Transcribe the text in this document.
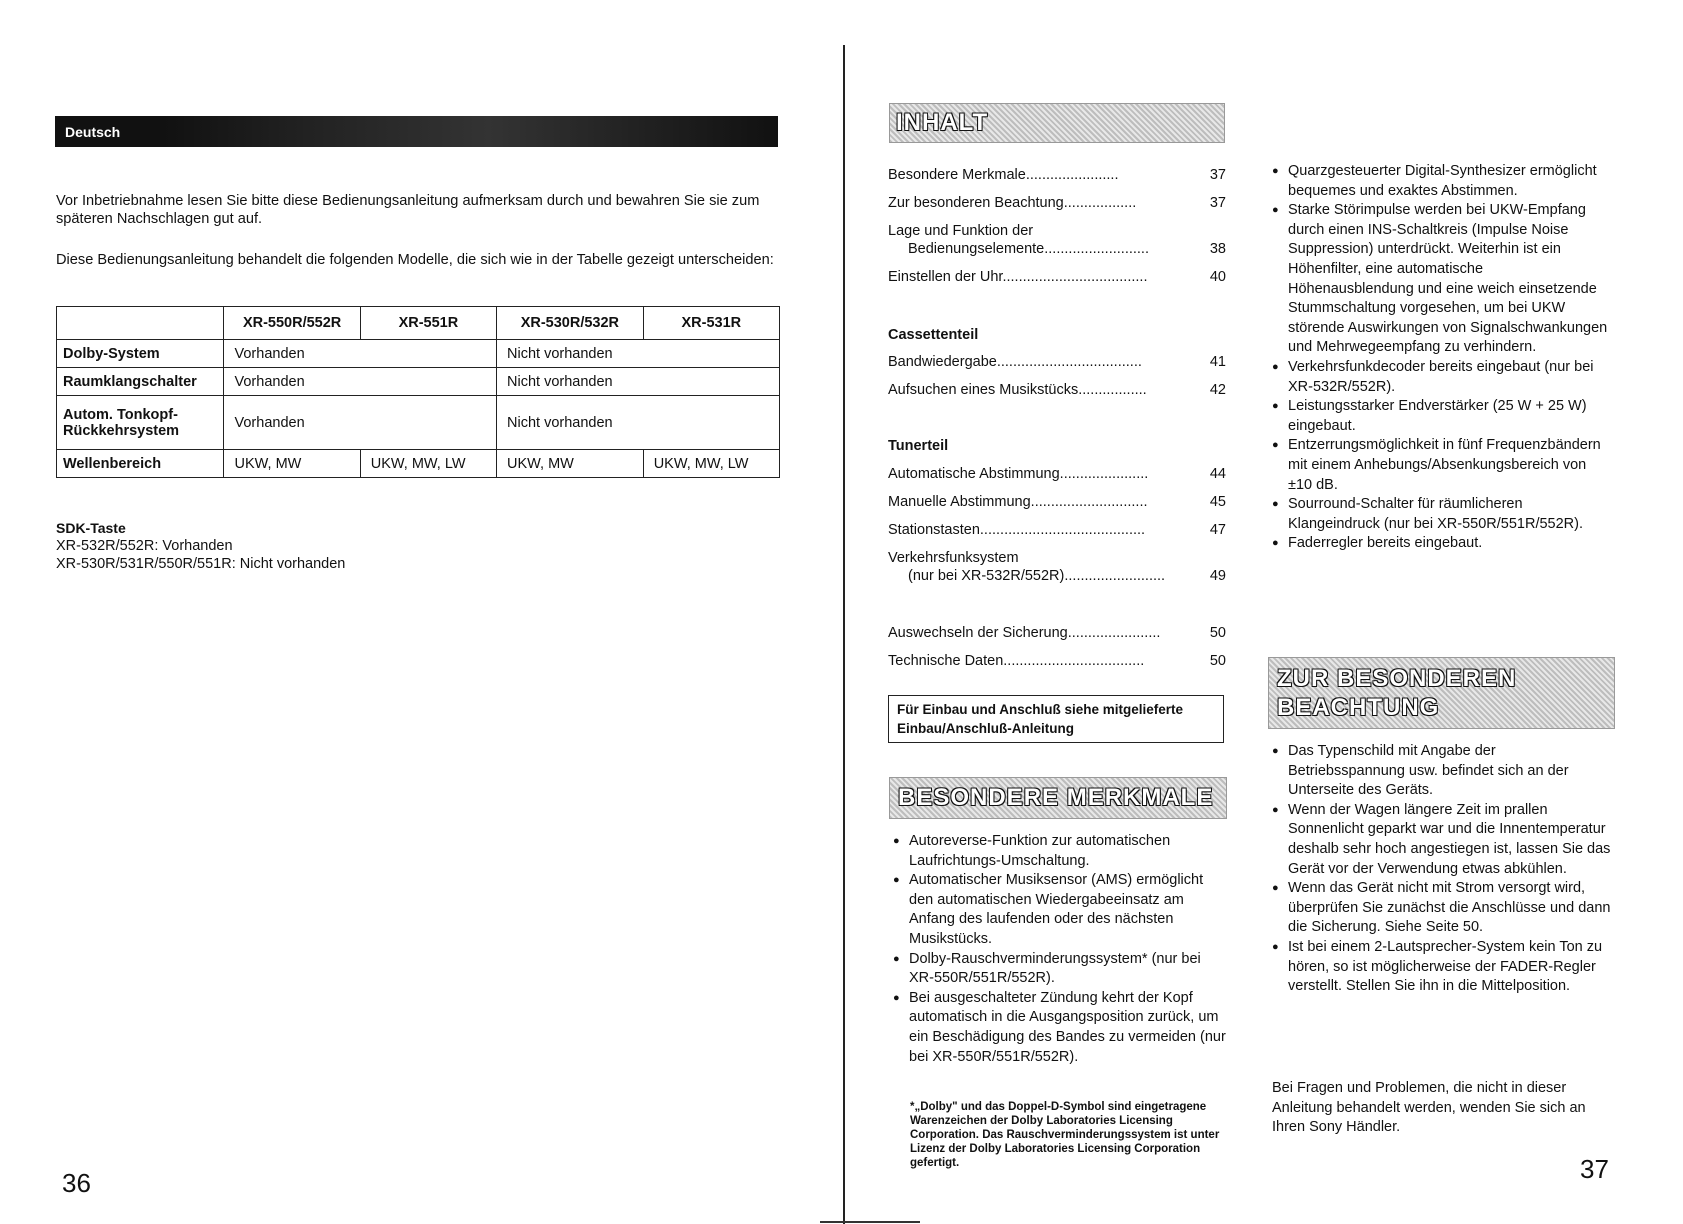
Deutsch
Vor Inbetriebnahme lesen Sie bitte diese Bedienungsanleitung aufmerksam durch und bewahren Sie sie zum späteren Nachschlagen gut auf.
Diese Bedienungsanleitung behandelt die folgenden Modelle, die sich wie in der Tabelle gezeigt unterscheiden:
	XR-550R/552R	XR-551R	XR-530R/532R	XR-531R
Dolby-System	Vorhanden		Nicht vorhanden	
Raumklangschalter	Vorhanden		Nicht vorhanden	
Autom. Tonkopf-Rückkehrsystem	Vorhanden		Nicht vorhanden	
Wellenbereich	UKW, MW	UKW, MW, LW	UKW, MW	UKW, MW, LW
SDK-Taste
XR-532R/552R: Vorhanden
XR-530R/531R/550R/551R: Nicht vorhanden
36
INHALT
Besondere Merkmale.......................	37
Zur besonderen Beachtung..................	37
Lage und Funktion der
Bedienungselemente..........................	38
Einstellen der Uhr....................................	40
Cassettenteil
Bandwiedergabe....................................	41
Aufsuchen eines Musikstücks.................	42
Tunerteil
Automatische Abstimmung......................	44
Manuelle Abstimmung.............................	45
Stationstasten.........................................	47
Verkehrsfunksystem
(nur bei XR-532R/552R).........................	49
Auswechseln der Sicherung.......................	50
Technische Daten...................................	50
Für Einbau und Anschluß siehe mitgelieferte Einbau/Anschluß-Anleitung
BESONDERE MERKMALE
● Autoreverse-Funktion zur automatischen Laufrichtungs-Umschaltung.
● Automatischer Musiksensor (AMS) ermöglicht den automatischen Wiedergabeeinsatz am Anfang des laufenden oder des nächsten Musikstücks.
● Dolby-Rauschverminderungssystem* (nur bei XR-550R/551R/552R).
● Bei ausgeschalteter Zündung kehrt der Kopf automatisch in die Ausgangsposition zurück, um ein Beschädigung des Bandes zu vermeiden (nur bei XR-550R/551R/552R).
*„Dolby" und das Doppel-D-Symbol sind eingetragene Warenzeichen der Dolby Laboratories Licensing Corporation. Das Rauschverminderungssystem ist unter Lizenz der Dolby Laboratories Licensing Corporation gefertigt.
● Quarzgesteuerter Digital-Synthesizer ermöglicht bequemes und exaktes Abstimmen.
● Starke Störimpulse werden bei UKW-Empfang durch einen INS-Schaltkreis (Impulse Noise Suppression) unterdrückt. Weiterhin ist ein Höhenfilter, eine automatische Höhenausblendung und eine weich einsetzende Stummschaltung vorgesehen, um bei UKW störende Auswirkungen von Signalschwankungen und Mehrwegeempfang zu verhindern.
● Verkehrsfunkdecoder bereits eingebaut (nur bei XR-532R/552R).
● Leistungsstarker Endverstärker (25 W + 25 W) eingebaut.
● Entzerrungsmöglichkeit in fünf Frequenzbändern mit einem Anhebungs/Absenkungsbereich von ±10 dB.
● Sourround-Schalter für räumlicheren Klangeindruck (nur bei XR-550R/551R/552R).
● Faderregler bereits eingebaut.
ZUR BESONDEREN
BEACHTUNG
● Das Typenschild mit Angabe der Betriebsspannung usw. befindet sich an der Unterseite des Geräts.
● Wenn der Wagen längere Zeit im prallen Sonnenlicht geparkt war und die Innentemperatur deshalb sehr hoch angestiegen ist, lassen Sie das Gerät vor der Verwendung etwas abkühlen.
● Wenn das Gerät nicht mit Strom versorgt wird, überprüfen Sie zunächst die Anschlüsse und dann die Sicherung. Siehe Seite 50.
● Ist bei einem 2-Lautsprecher-System kein Ton zu hören, so ist möglicherweise der FADER-Regler verstellt. Stellen Sie ihn in die Mittelposition.
Bei Fragen und Problemen, die nicht in dieser Anleitung behandelt werden, wenden Sie sich an Ihren Sony Händler.
37
